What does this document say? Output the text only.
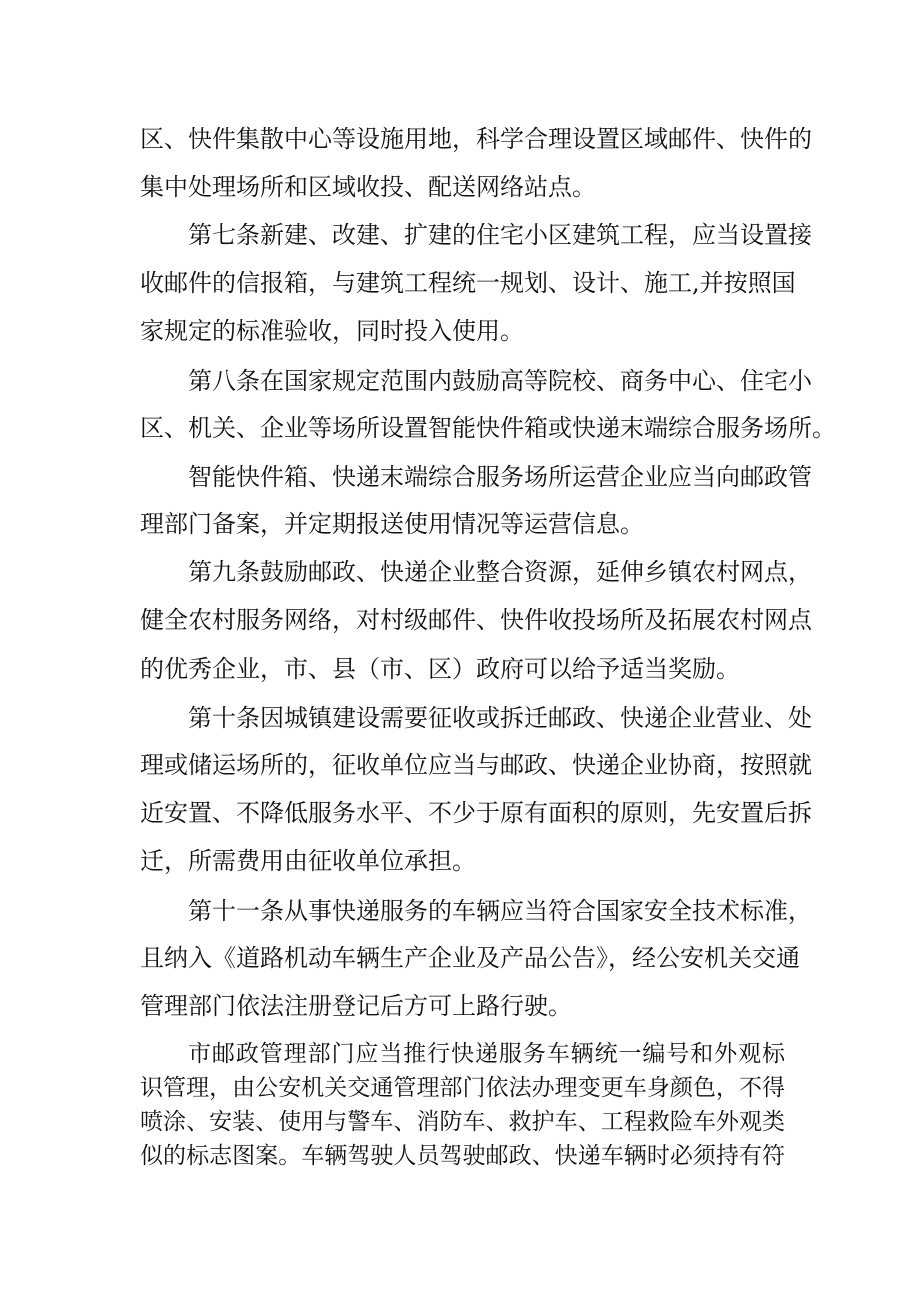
区、快件集散中心等设施用地，科学合理设置区域邮件、快件的
集中处理场所和区域收投、配送网络站点。
第七条新建、改建、扩建的住宅小区建筑工程，应当设置接
收邮件的信报箱，与建筑工程统一规划、设计、施工,并按照国
家规定的标准验收，同时投入使用。
第八条在国家规定范围内鼓励高等院校、商务中心、住宅小
区、机关、企业等场所设置智能快件箱或快递末端综合服务场所。
智能快件箱、快递末端综合服务场所运营企业应当向邮政管
理部门备案，并定期报送使用情况等运营信息。
第九条鼓励邮政、快递企业整合资源，延伸乡镇农村网点，
健全农村服务网络，对村级邮件、快件收投场所及拓展农村网点
的优秀企业，市、县（市、区）政府可以给予适当奖励。
第十条因城镇建设需要征收或拆迁邮政、快递企业营业、处
理或储运场所的，征收单位应当与邮政、快递企业协商，按照就
近安置、不降低服务水平、不少于原有面积的原则，先安置后拆
迁，所需费用由征收单位承担。
第十一条从事快递服务的车辆应当符合国家安全技术标准，
且纳入《道路机动车辆生产企业及产品公告》，经公安机关交通
管理部门依法注册登记后方可上路行驶。
市邮政管理部门应当推行快递服务车辆统一编号和外观标
识管理，由公安机关交通管理部门依法办理变更车身颜色，不得
喷涂、安装、使用与警车、消防车、救护车、工程救险车外观类
似的标志图案。车辆驾驶人员驾驶邮政、快递车辆时必须持有符
